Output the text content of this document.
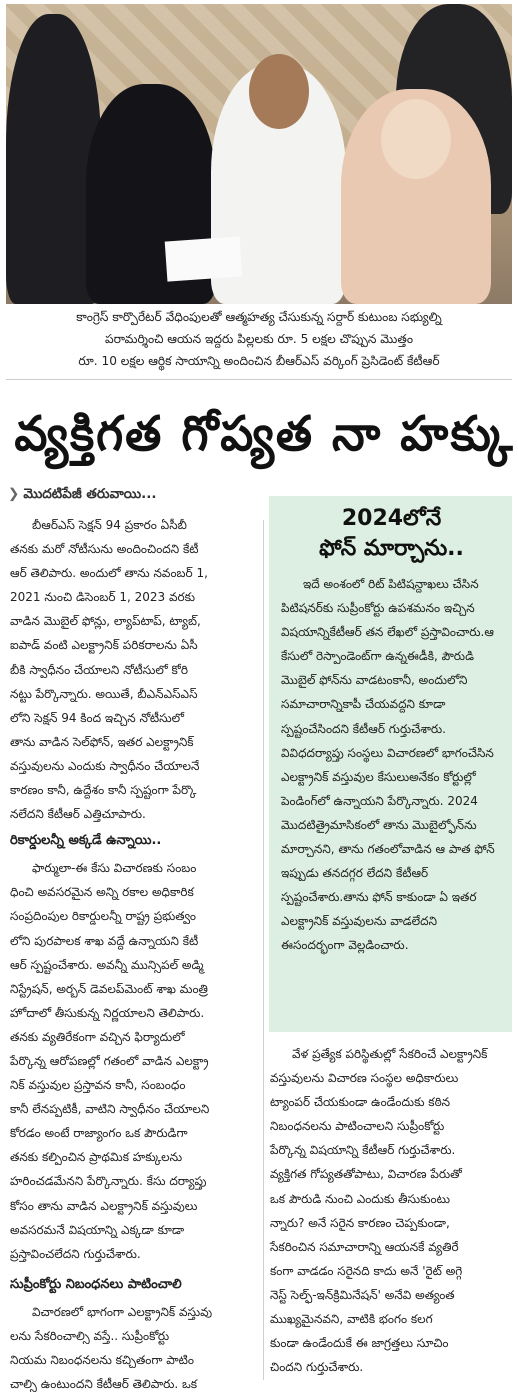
కాంగ్రెస్ కార్పొరేటర్ వేధింపులతో ఆత్మహత్య చేసుకున్న సర్దార్ కుటుంబ సభ్యుల్ని
పరామర్శించి ఆయన ఇద్దరు పిల్లలకు రూ. 5 లక్షల చొప్పున మొత్తం
రూ. 10 లక్షల ఆర్థిక సాయాన్ని అందించిన బీఆర్ఎస్ వర్కింగ్ ప్రెసిడెంట్ కేటీఆర్
వ్యక్తిగత గోప్యత నా హక్కు
❯ మొదటిపేజీ తరువాయి...
బీఆర్ఎస్ సెక్షన్ 94 ప్రకారం ఏసీబీ
తనకు మరో నోటీసును అందించిందని కేటీ
ఆర్ తెలిపారు. అందులో తాను నవంబర్ 1,
2021 నుంచి డిసెంబర్ 1, 2023 వరకు
వాడిన మొబైల్ ఫోన్లు, ల్యాప్‌టాప్, ట్యాబ్,
ఐపాడ్ వంటి ఎలక్ట్రానిక్ పరికరాలను ఏసీ
బీకి స్వాధీనం చేయాలని నోటీసులో కోరి
నట్టు పేర్కొన్నారు. అయితే, బీఎన్ఎస్ఎస్
లోని సెక్షన్ 94 కింద ఇచ్చిన నోటీసులో
తాను వాడిన సెల్‌ఫోన్, ఇతర ఎలక్ట్రానిక్
వస్తువులను ఎందుకు స్వాధీనం చేయాలనే
కారణం కానీ, ఉద్దేశం కానీ స్పష్టంగా పేర్కొ
నలేదని కేటీఆర్ ఎత్తిచూపారు.
రికార్డులన్నీ అక్కడే ఉన్నాయి..
ఫార్ములా-ఈ కేసు విచారణకు సంబం
ధించి అవసరమైన అన్ని రకాల అధికారిక
సంప్రదింపుల రికార్డులన్నీ రాష్ట్ర ప్రభుత్వం
లోని పురపాలక శాఖ వద్దే ఉన్నాయని కేటీ
ఆర్ స్పష్టంచేశారు. అవన్నీ మున్సిపల్ అడ్మి
నిస్ట్రేషన్, అర్బన్ డెవలప్‌మెంట్ శాఖ మంత్రి
హోదాలో తీసుకున్న నిర్ణయాలని తెలిపారు.
తనకు వ్యతిరేకంగా వచ్చిన ఫిర్యాదులో
పేర్కొన్న ఆరోపణల్లో గతంలో వాడిన ఎలక్ట్రా
నిక్ వస్తువుల ప్రస్తావన కానీ, సంబంధం
కానీ లేనప్పటికీ, వాటిని స్వాధీనం చేయాలని
కోరడం అంటే రాజ్యాంగం ఒక పౌరుడిగా
తనకు కల్పించిన ప్రాథమిక హక్కులను
హరించడమేనని పేర్కొన్నారు. కేసు దర్యాప్తు
కోసం తాను వాడిన ఎలక్ట్రానిక్ వస్తువులు
అవసరమనే విషయాన్ని ఎక్కడా కూడా
ప్రస్తావించలేదని గుర్తుచేశారు.
సుప్రీంకోర్టు నిబంధనలు పాటించాలి
విచారణలో భాగంగా ఎలక్ట్రానిక్ వస్తువు
లను సేకరించాల్సి వస్తే.. సుప్రీంకోర్టు
నియమ నిబంధనలను కచ్చితంగా పాటిం
చాల్సి ఉంటుందని కేటీఆర్ తెలిపారు. ఒక
2024లోనే
ఫోన్ మార్చాను..
ఇదే అంశంలో రిట్ పిటిషన్దాఖలు చేసిన పిటిషనర్‌కు సుప్రీంకోర్టు ఉపశమనం ఇచ్చిన విషయాన్నికేటీఆర్ తన లేఖలో ప్రస్తావించారు.ఆ కేసులో రెస్పాండెంట్‌గా ఉన్నఈడీకి, పౌరుడి మొబైల్ ఫోన్‌ను వాడటంకానీ, అందులోని సమాచారాన్నికాపీ చేయవద్దని కూడా స్పష్టంచేసిందని కేటీఆర్ గుర్తుచేశారు. వివిధదర్యాప్తు సంస్థలు విచారణలో భాగంచేసిన ఎలక్ట్రానిక్ వస్తువుల కేసులుఅనేకం కోర్టుల్లో పెండింగ్‌లో ఉన్నాయని పేర్కొన్నారు. 2024 మొదటిత్రైమాసికంలో తాను మొబైల్ఫోన్‌ను మార్చానని, తాను గతంలోవాడిన ఆ పాత ఫోన్ ఇప్పుడు తనదగ్గర లేదని కేటీఆర్ స్పష్టంచేశారు.తాను ఫోన్ కాకుండా ఏ ఇతర ఎలక్ట్రానిక్ వస్తువులను వాడలేదని ఈసందర్భంగా వెల్లడించారు.
వేళ ప్రత్యేక పరిస్థితుల్లో సేకరించే ఎలక్ట్రానిక్
వస్తువులను విచారణ సంస్థల అధికారులు
ట్యాంపర్ చేయకుండా ఉండేందుకు కఠిన
నిబంధనలను పాటించాలని సుప్రీంకోర్టు
పేర్కొన్న విషయాన్ని కేటీఆర్ గుర్తుచేశారు.
వ్యక్తిగత గోప్యతతోపాటు, విచారణ పేరుతో
ఒక పౌరుడి నుంచి ఎందుకు తీసుకుంటు
న్నారు? అనే సరైన కారణం చెప్పకుండా,
సేకరించిన సమాచారాన్ని ఆయనకే వ్యతిరే
కంగా వాడడం సరైనది కాదు అనే 'రైట్ అగ్గె
నెస్ట్ సెల్ఫ్-ఇన్‌క్రిమినేషన్' అనేవి అత్యంత
ముఖ్యమైనవని, వాటికి భంగం కలగ
కుండా ఉండేందుకే ఈ జాగ్రత్తలు సూచిం
చిందని గుర్తుచేశారు.
